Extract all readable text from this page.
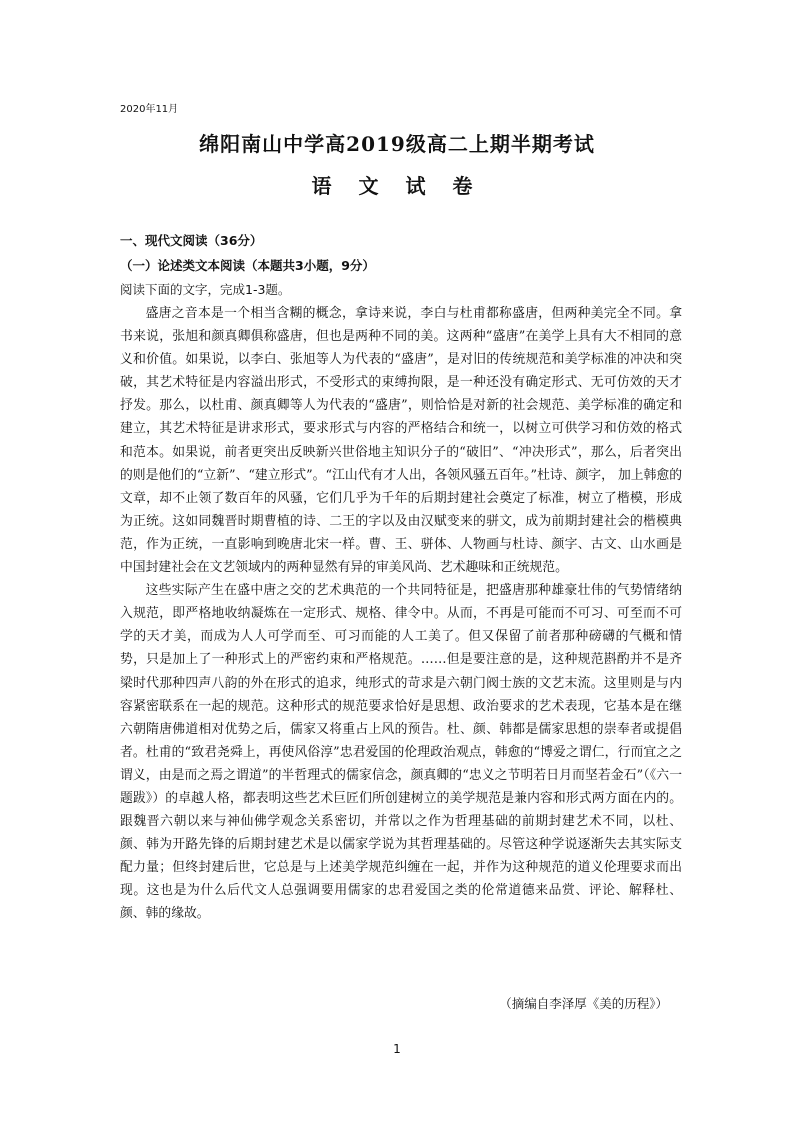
2020年11月
绵阳南山中学高2019级高二上期半期考试
语 文 试 卷
一、现代文阅读（36分）
（一）论述类文本阅读（本题共3小题，9分）
阅读下面的文字，完成1-3题。

盛唐之音本是一个相当含糊的概念，拿诗来说，李白与杜甫都称盛唐，但两种美完全不同。拿书来说，张旭和颜真卿俱称盛唐，但也是两种不同的美。这两种“盛唐”在美学上具有大不相同的意义和价值。如果说，以李白、张旭等人为代表的“盛唐”，是对旧的传统规范和美学标准的冲决和突破，其艺术特征是内容溢出形式，不受形式的束缚拘限，是一种还没有确定形式、无可仿效的天才抒发。那么，以杜甫、颜真卿等人为代表的“盛唐”，则恰恰是对新的社会规范、美学标准的确定和建立，其艺术特征是讲求形式，要求形式与内容的严格结合和统一，以树立可供学习和仿效的格式和范本。如果说，前者更突出反映新兴世俗地主知识分子的“破旧”、“冲决形式”，那么，后者突出的则是他们的“立新”、“建立形式”。“江山代有才人出，各领风骚五百年。”杜诗、颜字， 加上韩愈的文章，却不止领了数百年的风骚，它们几乎为千年的后期封建社会奠定了标准，树立了楷模，形成为正统。这如同魏晋时期曹植的诗、二王的字以及由汉赋变来的骈文，成为前期封建社会的楷模典范，作为正统，一直影响到晚唐北宋一样。曹、王、骈体、人物画与杜诗、颜字、古文、山水画是中国封建社会在文艺领域内的两种显然有异的审美风尚、艺术趣味和正统规范。

这些实际产生在盛中唐之交的艺术典范的一个共同特征是，把盛唐那种雄豪壮伟的气势情绪纳入规范，即严格地收纳凝炼在一定形式、规格、律令中。从而，不再是可能而不可习、可至而不可学的天才美，而成为人人可学而至、可习而能的人工美了。但又保留了前者那种磅礴的气概和情势，只是加上了一种形式上的严密约束和严格规范。……但是要注意的是，这种规范斟酌并不是齐梁时代那种四声八韵的外在形式的追求，纯形式的苛求是六朝门阀士族的文艺末流。这里则是与内容紧密联系在一起的规范。这种形式的规范要求恰好是思想、政治要求的艺术表现，它基本是在继六朝隋唐佛道相对优势之后，儒家又将重占上风的预告。杜、颜、韩都是儒家思想的崇奉者或提倡者。杜甫的“致君尧舜上，再使风俗淳”忠君爱国的伦理政治观点，韩愈的“博爱之谓仁，行而宜之之谓义，由是而之焉之谓道”的半哲理式的儒家信念，颜真卿的“忠义之节明若日月而坚若金石”（《六一题跋》）的卓越人格，都表明这些艺术巨匠们所创建树立的美学规范是兼内容和形式两方面在内的。跟魏晋六朝以来与神仙佛学观念关系密切，并常以之作为哲理基础的前期封建艺术不同，以杜、颜、韩为开路先锋的后期封建艺术是以儒家学说为其哲理基础的。尽管这种学说逐渐失去其实际支配力量；但终封建后世，它总是与上述美学规范纠缠在一起，并作为这种规范的道义伦理要求而出现。这也是为什么后代文人总强调要用儒家的忠君爱国之类的伦常道德来品赏、评论、解释杜、颜、韩的缘故。

（摘编自李泽厚《美的历程》）
1
